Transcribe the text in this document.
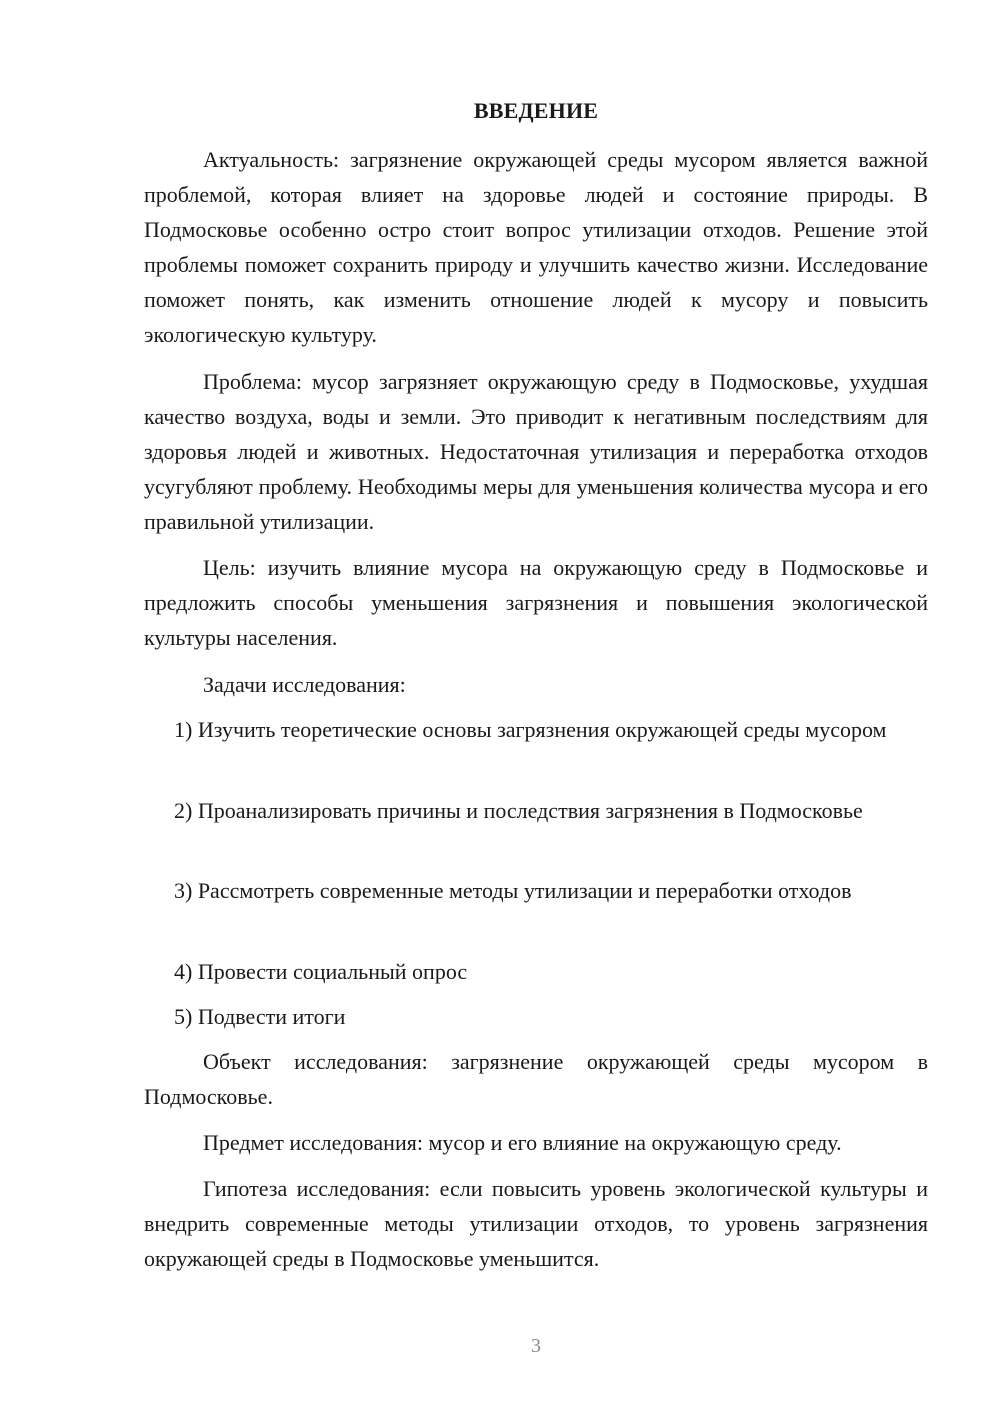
ВВЕДЕНИЕ

Актуальность: загрязнение окружающей среды мусором является важной проблемой, которая влияет на здоровье людей и состояние природы. В Подмосковье особенно остро стоит вопрос утилизации отходов. Решение этой проблемы поможет сохранить природу и улучшить качество жизни. Исследование поможет понять, как изменить отношение людей к мусору и повысить экологическую культуру.

Проблема: мусор загрязняет окружающую среду в Подмосковье, ухудшая качество воздуха, воды и земли. Это приводит к негативным последствиям для здоровья людей и животных. Недостаточная утилизация и переработка отходов усугубляют проблему. Необходимы меры для уменьшения количества мусора и его правильной утилизации.

Цель: изучить влияние мусора на окружающую среду в Подмосковье и предложить способы уменьшения загрязнения и повышения экологической культуры населения.

Задачи исследования:

1) Изучить теоретические основы загрязнения окружающей среды мусором

2) Проанализировать причины и последствия загрязнения в Подмосковье

3) Рассмотреть современные методы утилизации и переработки отходов

4) Провести социальный опрос

5) Подвести итоги

Объект исследования: загрязнение окружающей среды мусором в Подмосковье.

Предмет исследования: мусор и его влияние на окружающую среду.

Гипотеза исследования: если повысить уровень экологической культуры и внедрить современные методы утилизации отходов, то уровень загрязнения окружающей среды в Подмосковье уменьшится.

3
